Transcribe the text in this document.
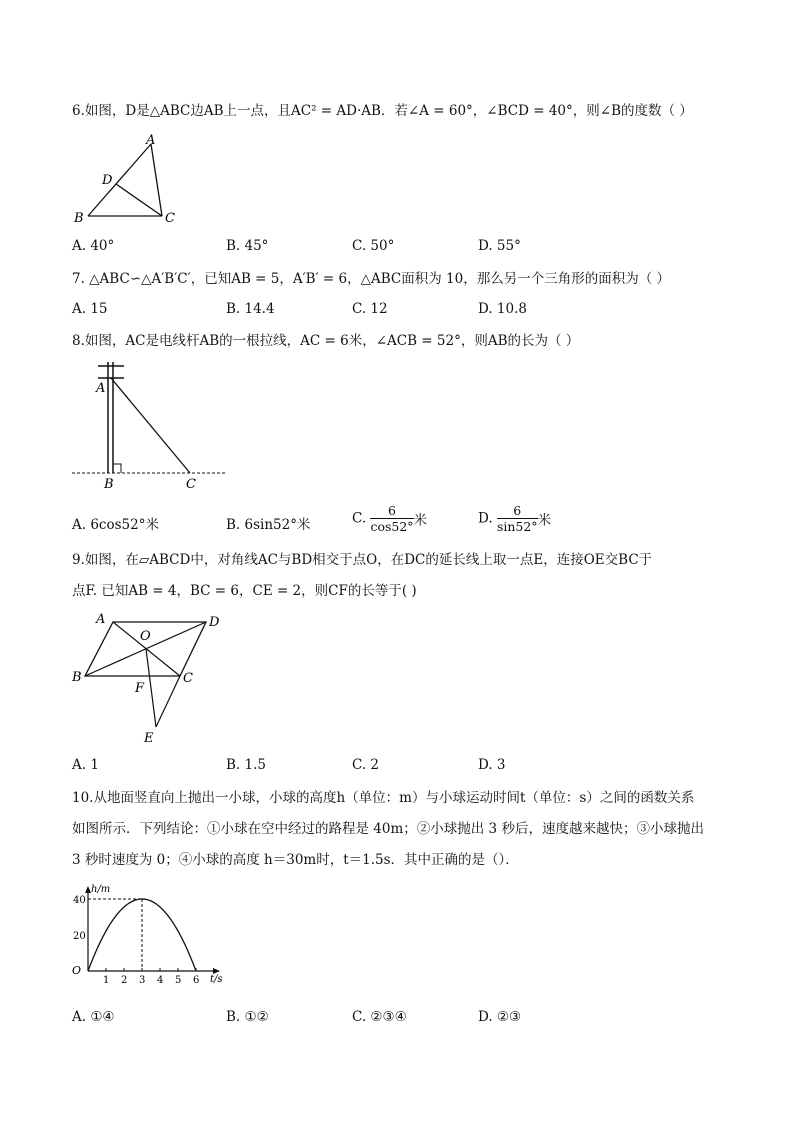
6.如图，D是△ABC边AB上一点，且AC² = AD·AB．若∠A = 60°，∠BCD = 40°，则∠B的度数（ ）
A
D
B	C
A. 40°	B. 45°	C. 50°	D. 55°
7. △ABC∽△A′B′C′，已知AB = 5，A′B′ = 6，△ABC面积为 10，那么另一个三角形的面积为（ ）
A. 15	B. 14.4	C. 12	D. 10.8
8.如图，AC是电线杆AB的一根拉线，AC = 6米，∠ACB = 52°，则AB的长为（ ）
A
B	C
A. 6cos52°米	B. 6sin52°米	C. $\frac{6}{\cos 52^\circ}$ 米	D. $\frac{6}{\sin 52^\circ}$ 米
9.如图，在▱ABCD中，对角线AC与BD相交于点O，在DC的延长线上取一点E，连接OE交BC于
点F. 已知AB = 4，BC = 6，CE = 2，则CF的长等于( )
A	D
O
B	C
F
E
A. 1	B. 1.5	C. 2	D. 3
10.从地面竖直向上抛出一小球，小球的高度h（单位：m）与小球运动时间t（单位：s）之间的函数关系
如图所示．下列结论：①小球在空中经过的路程是 40m；②小球抛出 3 秒后，速度越来越快；③小球抛出
3 秒时速度为 0；④小球的高度 h＝30m时，t＝1.5s．其中正确的是（）．
h/m
t/s
O
1 2 3 4 5 6
20
40
A. ①④	B. ①②	C. ②③④	D. ②③
